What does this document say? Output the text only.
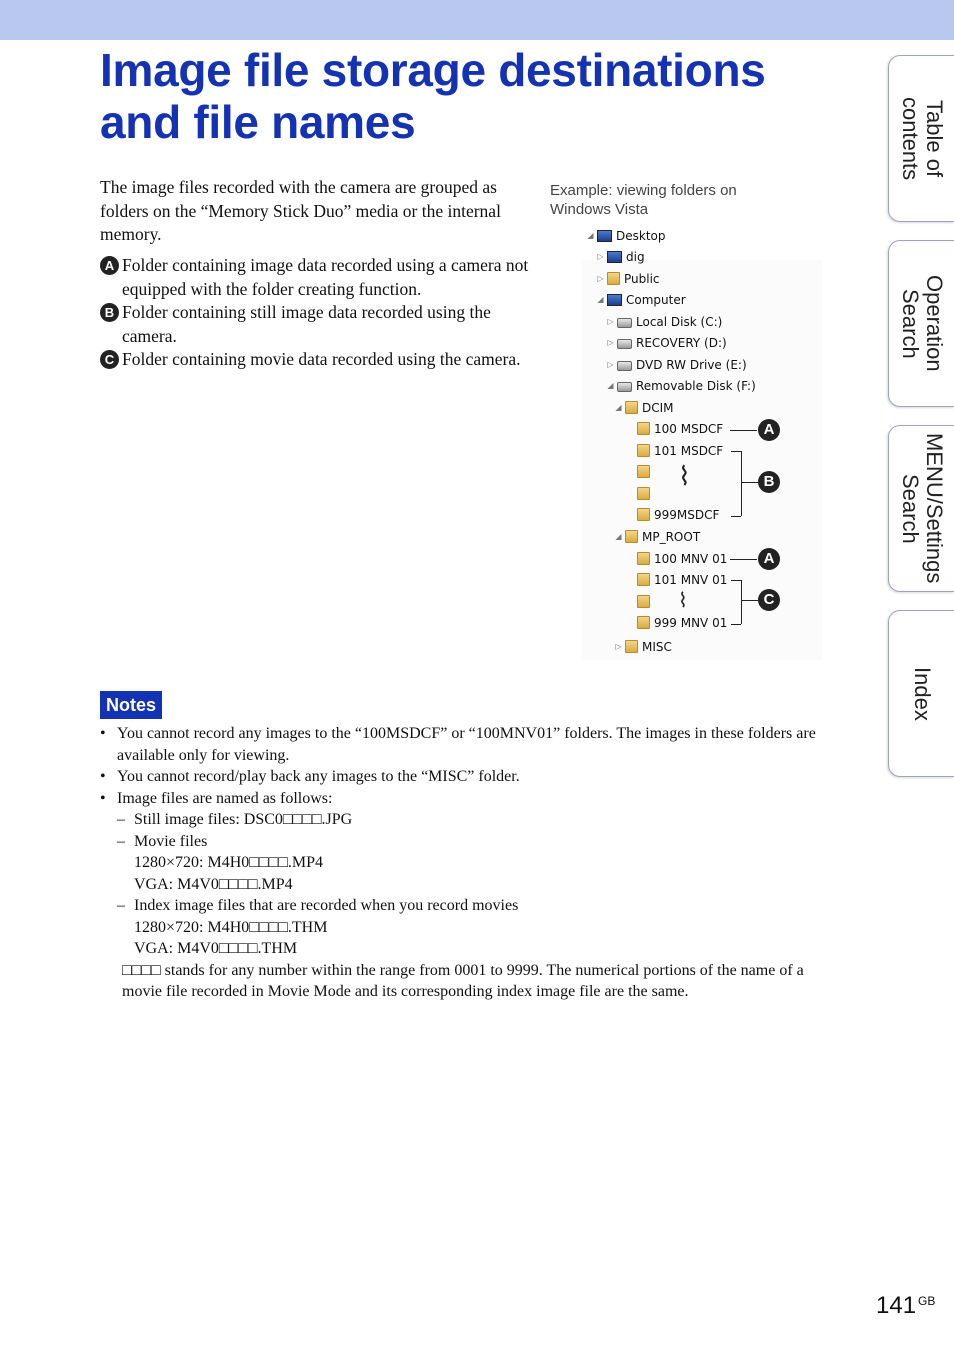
Image file storage destinations
and file names

The image files recorded with the camera are grouped as folders on the “Memory Stick Duo” media or the internal memory.

A Folder containing image data recorded using a camera not equipped with the folder creating function.
B Folder containing still image data recorded using the camera.
C Folder containing movie data recorded using the camera.

Example: viewing folders on Windows Vista

◢ Desktop
▷ dig
▷ Public
◢ Computer
▷ Local Disk (C:)
▷ RECOVERY (D:)
▷ DVD RW Drive (E:)
◢ Removable Disk (F:)
◢ DCIM
100 MSDCF
101 MSDCF
999MSDCF
◢ MP_ROOT
100 MNV 01
101 MNV 01
999 MNV 01
▷ MISC
⌇
⌇
A
B
A
C
Notes
• You cannot record any images to the “100MSDCF” or “100MNV01” folders. The images in these folders are available only for viewing.
• You cannot record/play back any images to the “MISC” folder.
• Image files are named as follows:
– Still image files: DSC0□□□□.JPG
– Movie files
1280×720: M4H0□□□□.MP4
VGA: M4V0□□□□.MP4
– Index image files that are recorded when you record movies
1280×720: M4H0□□□□.THM
VGA: M4V0□□□□.THM
□□□□ stands for any number within the range from 0001 to 9999. The numerical portions of the name of a movie file recorded in Movie Mode and its corresponding index image file are the same.
Table of contents
Operation Search
MENU/Settings Search
Index
141 $^{GB}$
